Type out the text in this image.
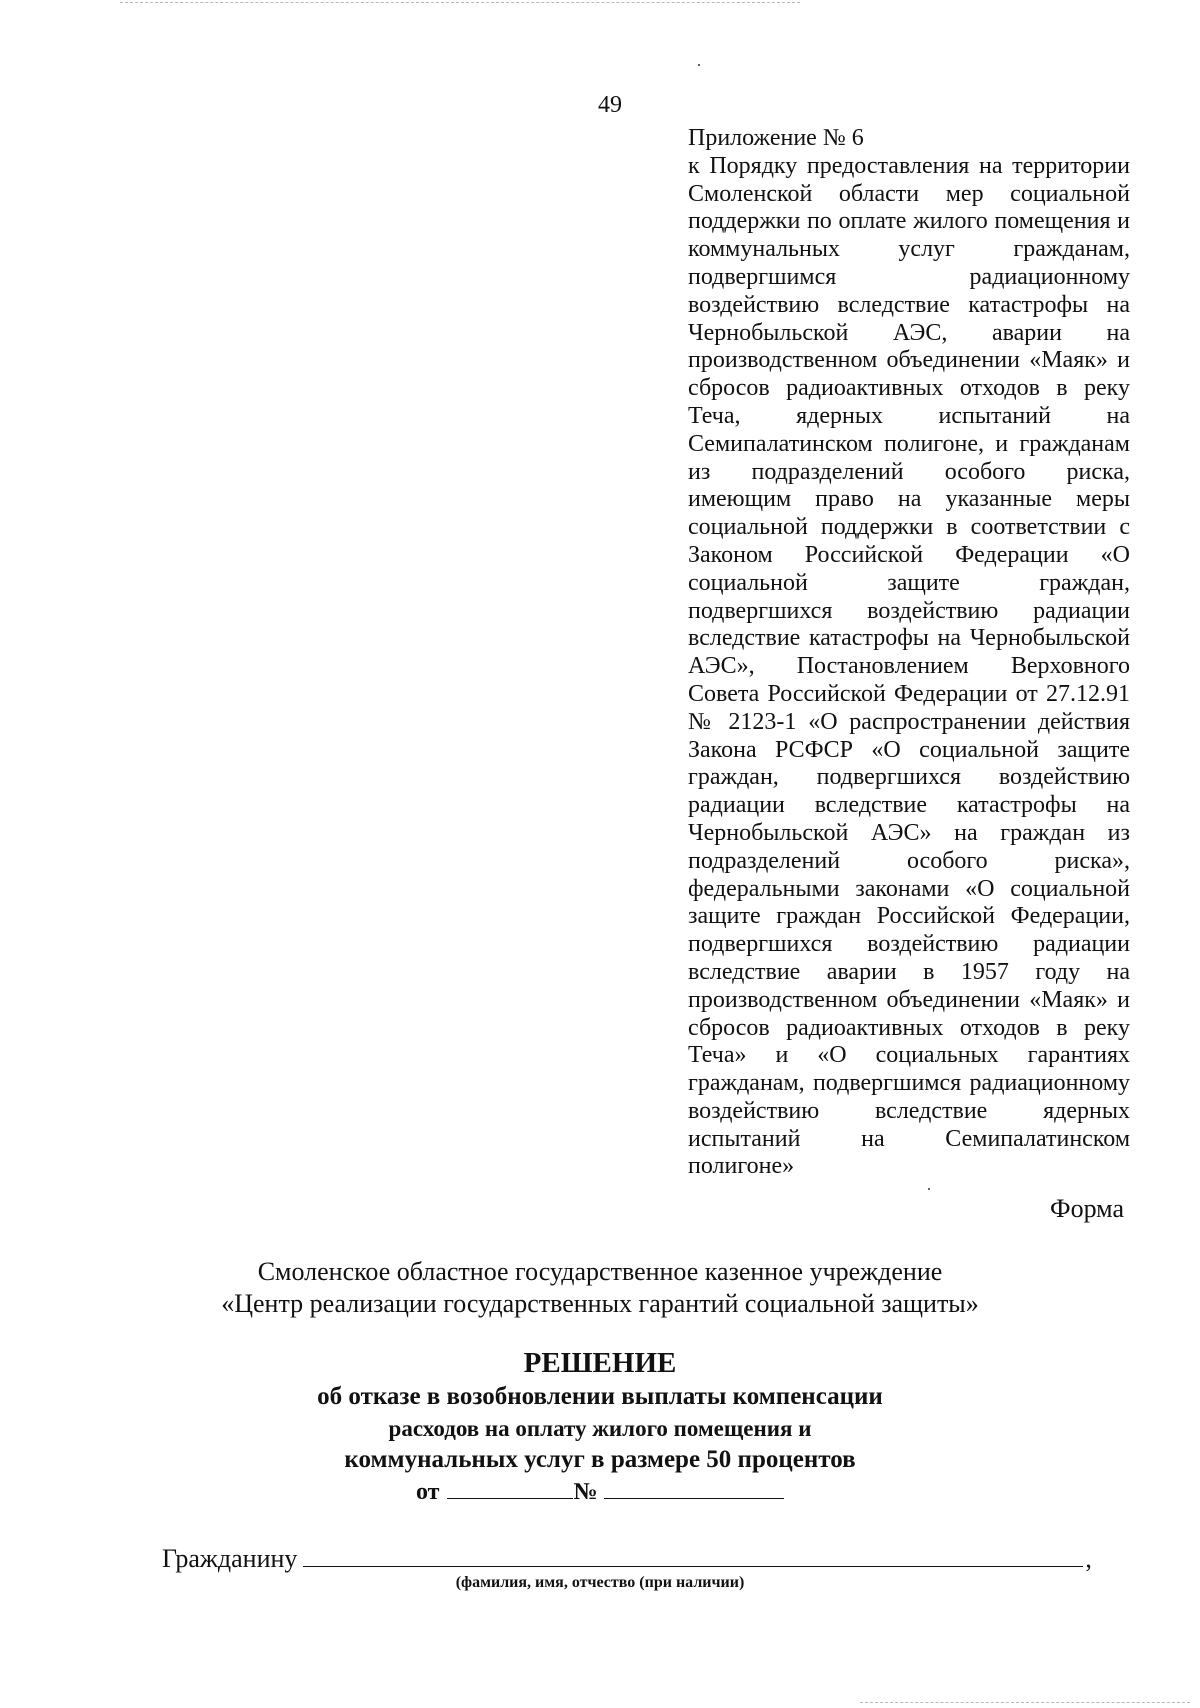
49
Приложение № 6
к Порядку предоставления на территории Смоленской области мер социальной поддержки по оплате жилого помещения и коммунальных услуг гражданам, подвергшимся радиационному воздействию вследствие катастрофы на Чернобыльской АЭС, аварии на производственном объединении «Маяк» и сбросов радиоактивных отходов в реку Теча, ядерных испытаний на Семипалатинском полигоне, и гражданам из подразделений особого риска, имеющим право на указанные меры социальной поддержки в соответствии с Законом Российской Федерации «О социальной защите граждан, подвергшихся воздействию радиации вследствие катастрофы на Чернобыльской АЭС», Постановлением Верховного Совета Российской Федерации от 27.12.91 № 2123-1 «О распространении действия Закона РСФСР «О социальной защите граждан, подвергшихся воздействию радиации вследствие катастрофы на Чернобыльской АЭС» на граждан из подразделений особого риска», федеральными законами «О социальной защите граждан Российской Федерации, подвергшихся воздействию радиации вследствие аварии в 1957 году на производственном объединении «Маяк» и сбросов радиоактивных отходов в реку Теча» и «О социальных гарантиях гражданам, подвергшимся радиационному воздействию вследствие ядерных испытаний на Семипалатинском полигоне»
Форма
Смоленское областное государственное казенное учреждение
«Центр реализации государственных гарантий социальной защиты»
РЕШЕНИЕ
об отказе в возобновлении выплаты компенсации
расходов на оплату жилого помещения и
коммунальных услуг в размере 50 процентов
от	№
Гражданину	,
(фамилия, имя, отчество (при наличии)
